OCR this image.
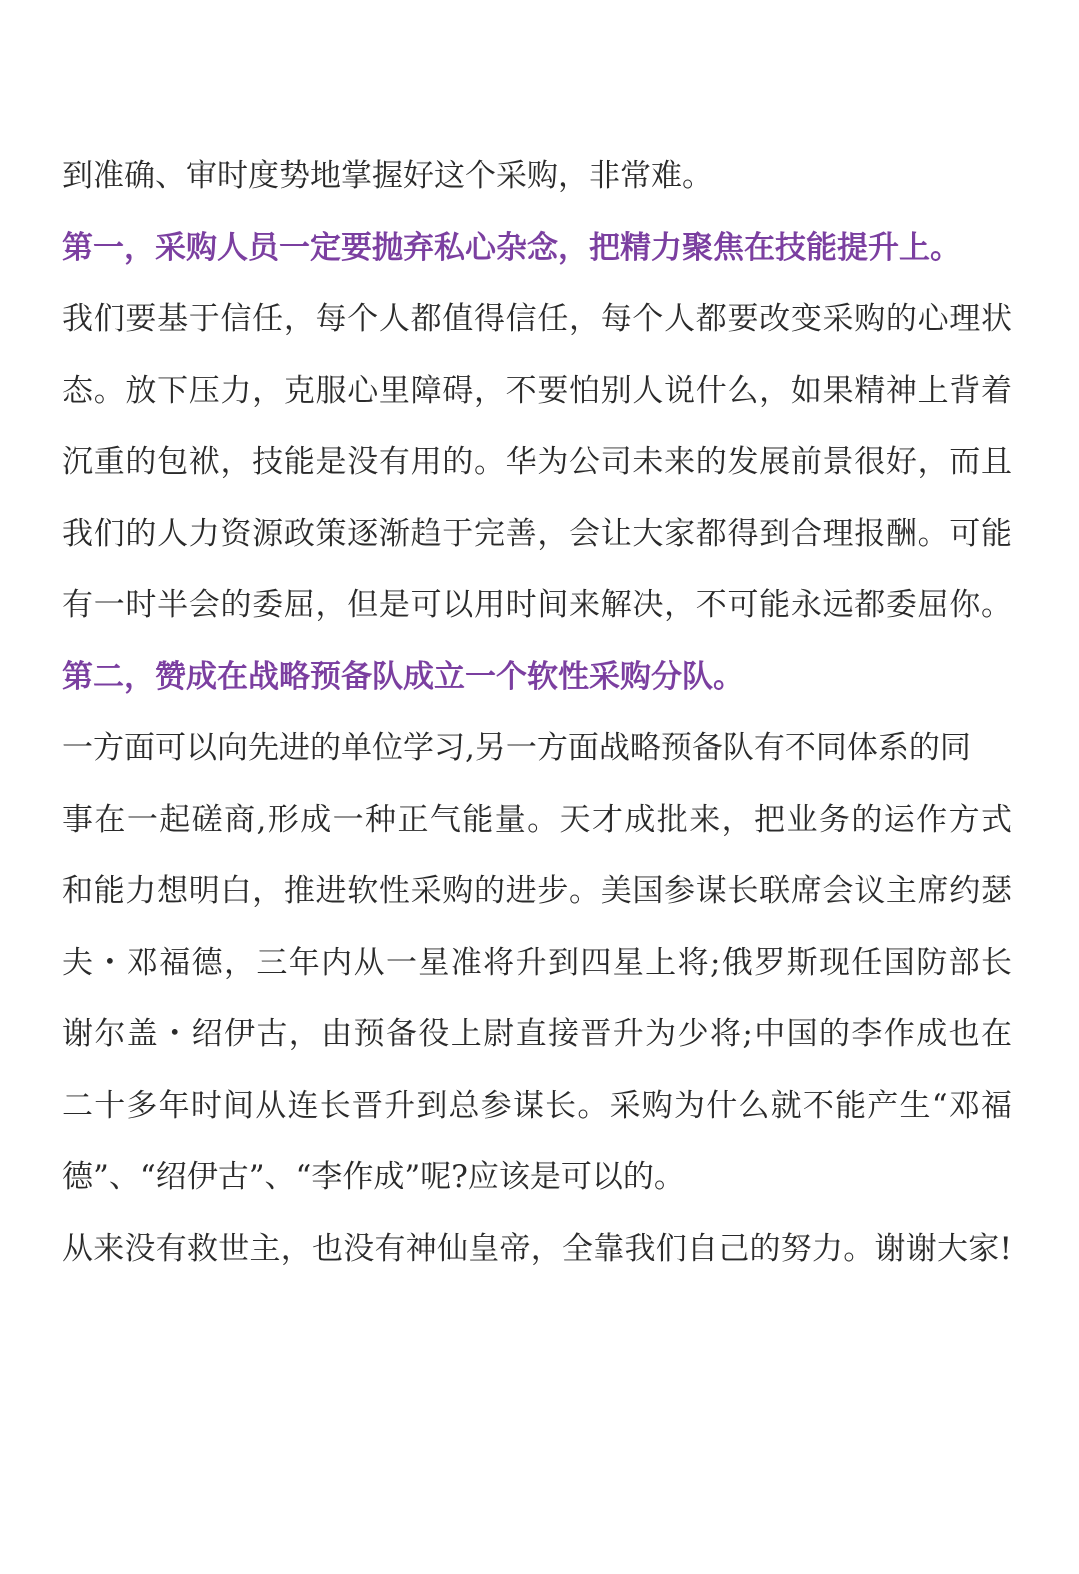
到准确、审时度势地掌握好这个采购，非常难。
第一，采购人员一定要抛弃私心杂念，把精力聚焦在技能提升上。
我们要基于信任，每个人都值得信任，每个人都要改变采购的心理状
态。放下压力，克服心里障碍，不要怕别人说什么，如果精神上背着
沉重的包袱，技能是没有用的。华为公司未来的发展前景很好，而且
我们的人力资源政策逐渐趋于完善，会让大家都得到合理报酬。可能
有一时半会的委屈，但是可以用时间来解决，不可能永远都委屈你。
第二，赞成在战略预备队成立一个软性采购分队。
一方面可以向先进的单位学习,另一方面战略预备队有不同体系的同
事在一起磋商,形成一种正气能量。天才成批来，把业务的运作方式
和能力想明白，推进软性采购的进步。美国参谋长联席会议主席约瑟
夫・邓福德，三年内从一星准将升到四星上将;俄罗斯现任国防部长
谢尔盖・绍伊古，由预备役上尉直接晋升为少将;中国的李作成也在
二十多年时间从连长晋升到总参谋长。采购为什么就不能产生“邓福
德”、“绍伊古”、“李作成”呢?应该是可以的。
从来没有救世主，也没有神仙皇帝，全靠我们自己的努力。谢谢大家!
